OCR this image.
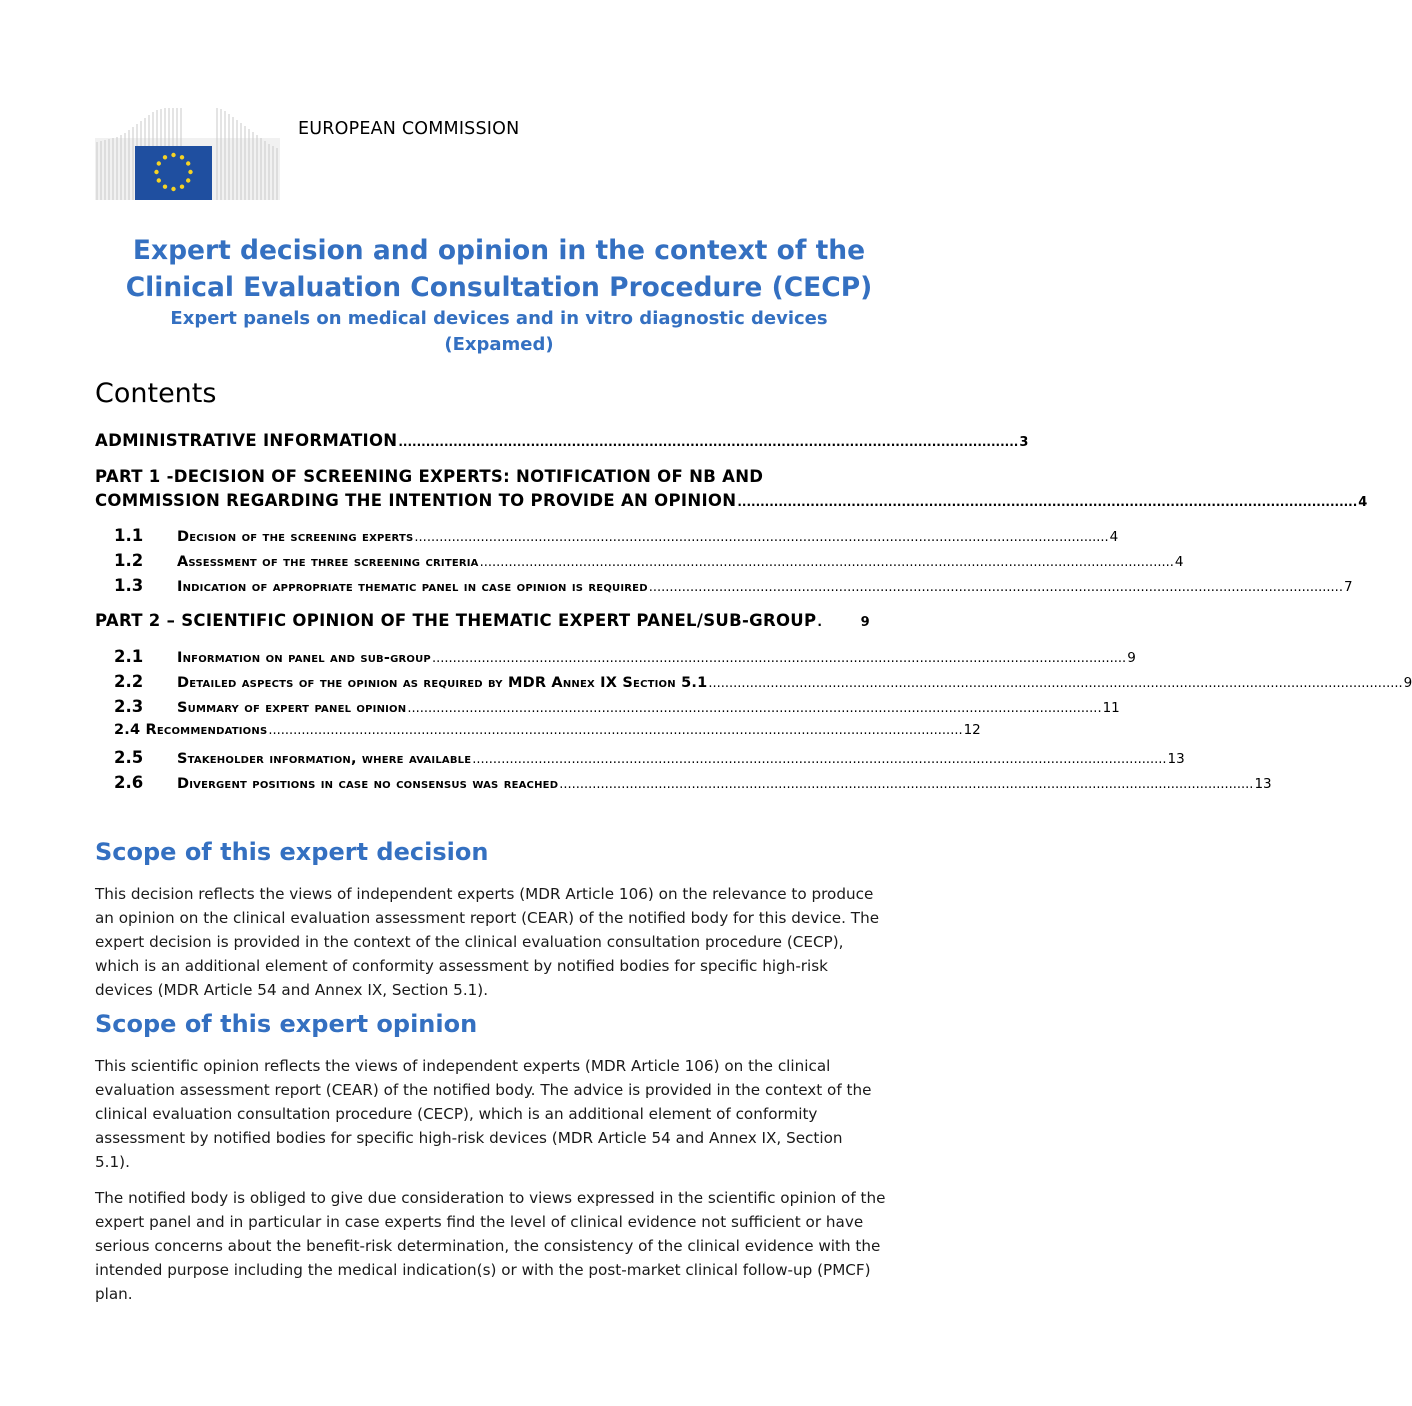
EUROPEAN COMMISSION
Expert decision and opinion in the context of the
Clinical Evaluation Consultation Procedure (CECP)
Expert panels on medical devices and in vitro diagnostic devices
(Expamed)
Contents
ADMINISTRATIVE INFORMATION ........................................................................................................................................ 3
PART 1 -DECISION OF SCREENING EXPERTS: NOTIFICATION OF NB AND
COMMISSION REGARDING THE INTENTION TO PROVIDE AN OPINION ........................................................................................................................................ 4
1.1	Decision of the screening experts ........................................................................................................................................................................ 4
1.2	Assessment of the three screening criteria ........................................................................................................................................................................ 4
1.3	Indication of appropriate thematic panel in case opinion is required ........................................................................................................................................................................ 7
PART 2 – SCIENTIFIC OPINION OF THE THEMATIC EXPERT PANEL/SUB-GROUP .	9
2.1	Information on panel and sub-group ........................................................................................................................................................................ 9
2.2	Detailed aspects of the opinion as required by MDR Annex IX Section 5.1 ........................................................................................................................................................................ 9
2.3	Summary of expert panel opinion ........................................................................................................................................................................ 11
2.4 Recommendations ........................................................................................................................................................................ 12
2.5	Stakeholder information, where available ........................................................................................................................................................................ 13
2.6	Divergent positions in case no consensus was reached ........................................................................................................................................................................ 13
Scope of this expert decision
This decision reflects the views of independent experts (MDR Article 106) on the relevance to produce
an opinion on the clinical evaluation assessment report (CEAR) of the notified body for this device. The
expert decision is provided in the context of the clinical evaluation consultation procedure (CECP),
which is an additional element of conformity assessment by notified bodies for specific high-risk
devices (MDR Article 54 and Annex IX, Section 5.1).
Scope of this expert opinion
This scientific opinion reflects the views of independent experts (MDR Article 106) on the clinical
evaluation assessment report (CEAR) of the notified body. The advice is provided in the context of the
clinical evaluation consultation procedure (CECP), which is an additional element of conformity
assessment by notified bodies for specific high-risk devices (MDR Article 54 and Annex IX, Section
5.1).
The notified body is obliged to give due consideration to views expressed in the scientific opinion of the
expert panel and in particular in case experts find the level of clinical evidence not sufficient or have
serious concerns about the benefit-risk determination, the consistency of the clinical evidence with the
intended purpose including the medical indication(s) or with the post-market clinical follow-up (PMCF)
plan.
